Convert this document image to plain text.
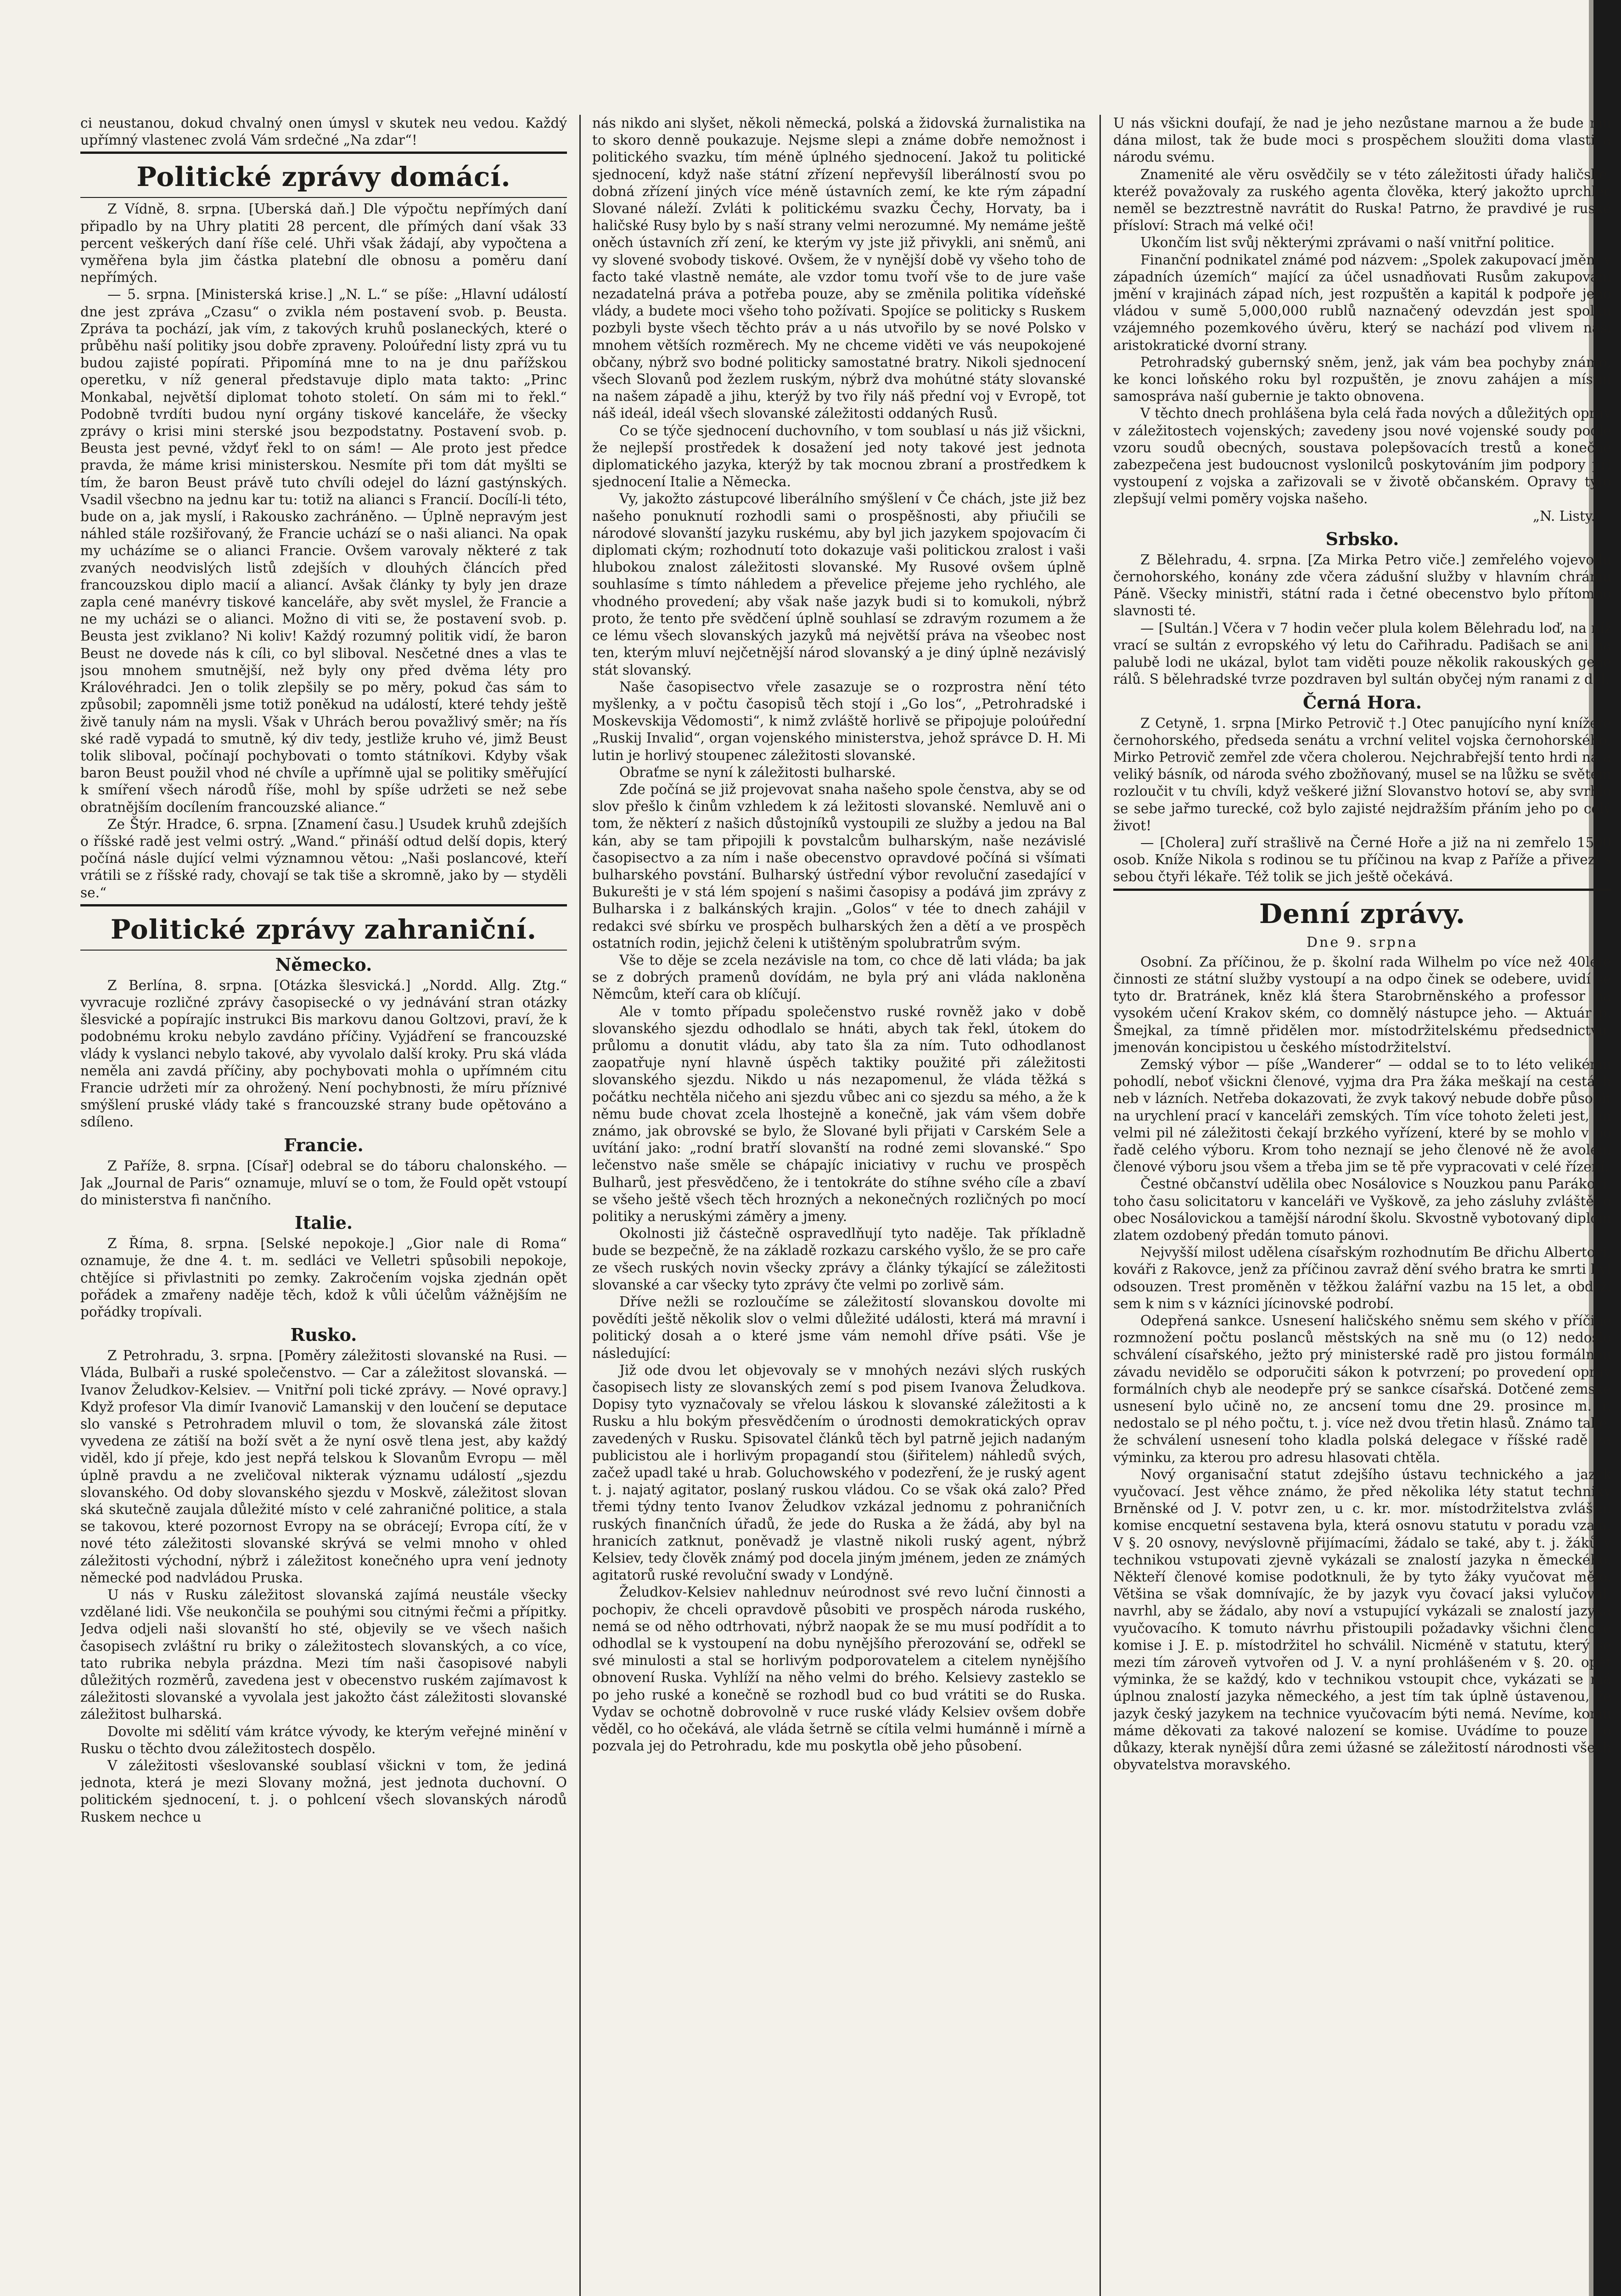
ci neustanou, dokud chvalný onen úmysl v skutek neu vedou. Každý upřímný vlastenec zvolá Vám srdečné „Na zdar“!

Politické zprávy domácí.

Z Vídně, 8. srpna. [Uberská daň.] Dle výpočtu nepřímých daní připadlo by na Uhry platiti 28 percent, dle přímých daní však 33 percent veškerých daní říše celé. Uhři však žádají, aby vypočtena a vyměřena byla jim částka platební dle obnosu a poměru daní nepřímých.

— 5. srpna. [Ministerská krise.] „N. L.“ se píše: „Hlavní událostí dne jest zpráva „Czasu“ o zvikla ném postavení svob. p. Beusta. Zpráva ta pochází, jak vím, z takových kruhů poslaneckých, které o průběhu naší politiky jsou dobře zpraveny. Poloúřední listy zprá vu tu budou zajisté popírati. Připomíná mne to na je dnu pařížskou operetku, v níž general představuje diplo mata takto: „Princ Monkabal, největší diplomat tohoto století. On sám mi to řekl.“ Podobně tvrdíti budou nyní orgány tiskové kanceláře, že všecky zprávy o krisi mini sterské jsou bezpodstatny. Postavení svob. p. Beusta jest pevné, vždyť řekl to on sám! — Ale proto jest předce pravda, že máme krisi ministerskou. Nesmíte při tom dát myšlti se tím, že baron Beust právě tuto chvíli odejel do lázní gastýnských. Vsadil všecbno na jednu kar tu: totiž na alianci s Francií. Docílí-li této, bude on a, jak myslí, i Rakousko zachráněno. — Úplně nepravým jest náhled stále rozšiřovaný, že Francie uchází se o naši alianci. Na opak my ucházíme se o alianci Francie. Ovšem varovaly některé z tak zvaných neodvislých listů zdejších v dlouhých článcích před francouzskou diplo macií a aliancí. Avšak články ty byly jen draze zapla cené manévry tiskové kanceláře, aby svět myslel, že Francie a ne my ucházi se o alianci. Možno di viti se, že postavení svob. p. Beusta jest zviklano? Ni koliv! Každý rozumný politik vidí, že baron Beust ne dovede nás k cíli, co byl sliboval. Nesčetné dnes a vlas te jsou mnohem smutnější, než byly ony před dvěma léty pro Královéhradci. Jen o tolik zlepšily se po měry, pokud čas sám to způsobil; zapomněli jsme totiž poněkud na událostí, které tehdy ještě živě tanuly nám na mysli. Však v Uhrách berou považlivý směr; na řís ské radě vypadá to smutně, ký div tedy, jestliže kruho vé, jimž Beust tolik sliboval, počínají pochybovati o tomto státníkovi. Kdyby však baron Beust použil vhod né chvíle a upřímně ujal se politiky směřující k smíření všech národů říše, mohl by spíše udržeti se než sebe obratnějším docílením francouzské aliance.“

Ze Štýr. Hradce, 6. srpna. [Znamení času.] Usudek kruhů zdejších o říšské radě jest velmi ostrý. „Wand.“ přináší odtud delší dopis, který počíná násle dující velmi významnou větou: „Naši poslancové, kteří vrátili se z říšské rady, chovají se tak tiše a skromně, jako by — styděli se.“

Politické zprávy zahraniční.
Německo.

Z Berlína, 8. srpna. [Otázka šlesvická.] „Nordd. Allg. Ztg.“ vyvracuje rozličné zprávy časopisecké o vy jednávání stran otázky šlesvické a popírajíc instrukci Bis markovu danou Goltzovi, praví, že k podobnému kroku nebylo zavdáno příčiny. Vyjádření se francouzské vlády k vyslanci nebylo takové, aby vyvolalo další kroky. Pru ská vláda neměla ani zavdá příčiny, aby pochybovati mohla o upřímném citu Francie udržeti mír za ohrožený. Není pochybnosti, že míru příznivé smýšlení pruské vlády také s francouzské strany bude opětováno a sdíleno.

Francie.

Z Paříže, 8. srpna. [Císař] odebral se do táboru chalonského. — Jak „Journal de Paris“ oznamuje, mluví se o tom, že Fould opět vstoupí do ministerstva fi nančního.

Italie.

Z Říma, 8. srpna. [Selské nepokoje.] „Gior nale di Roma“ oznamuje, že dne 4. t. m. sedláci ve Velletri spůsobili nepokoje, chtějíce si přivlastniti po zemky. Zakročením vojska zjednán opět pořádek a zmařeny naděje těch, kdož k vůli účelům vážnějším ne pořádky tropívali.

Rusko.

Z Petrohradu, 3. srpna. [Poměry záležitosti slovanské na Rusi. — Vláda, Bulbaři a ruské společenstvo. — Car a záležitost slovanská. — Ivanov Želudkov-Kelsiev. — Vnitřní poli tické zprávy. — Nové opravy.] Když profesor Vla dimír Ivanovič Lamanskij v den loučení se deputace slo vanské s Petrohradem mluvil o tom, že slovanská zále žitost vyvedena ze zátiší na boží svět a že nyní osvě tlena jest, aby každý viděl, kdo jí přeje, kdo jest nepřá telskou k Slovanům Evropu — měl úplně pravdu a ne zveličoval nikterak významu událostí „sjezdu slovanského. Od doby slovanského sjezdu v Moskvě, záležitost slovan ská skutečně zaujala důležité místo v celé zahraničné politice, a stala se takovou, které pozornost Evropy na se obrácejí; Evropa cítí, že v nové této záležitosti slovanské skrývá se velmi mnoho v ohled záležitosti východní, nýbrž i záležitost konečného upra vení jednoty německé pod nadvládou Pruska.

U nás v Rusku záležitost slovanská zajímá neustále všecky vzdělané lidi. Vše neukončila se pouhými sou citnými řečmi a přípitky. Jedva odjeli naši slovanští ho sté, objevily se ve všech našich časopisech zvláštní ru briky o záležitostech slovanských, a co více, tato rubrika nebyla prázdna. Mezi tím naši časopisové nabyli důležitých rozměrů, zavedena jest v obecenstvo ruském zajímavost k záležitosti slovanské a vyvolala jest jakožto část záležitosti slovanské záležitost bulharská.

Dovolte mi sdělití vám krátce vývody, ke kterým veřejné minění v Rusku o těchto dvou záležitostech dospělo.

V záležitosti všeslovanské soublasí všickni v tom, že jediná jednota, která je mezi Slovany možná, jest jednota duchovní. O politickém sjednocení, t. j. o pohlcení všech slovanských národů Ruskem nechce u

nás nikdo ani slyšet, několi německá, polská a židovská žurnalistika na to skoro denně poukazuje. Nejsme slepi a známe dobře nemožnost i politického svazku, tím méně úplného sjednocení. Jakož tu politické sjednocení, když naše státní zřízení nepřevyšíl liberálností svou po dobná zřízení jiných více méně ústavních zemí, ke kte rým západní Slované náleží. Zvláti k politickému svazku Čechy, Horvaty, ba i haličské Rusy bylo by s naší strany velmi nerozumné. My nemáme ještě oněch ústavních zří zení, ke kterým vy jste již přivykli, ani sněmů, ani vy slovené svobody tiskové. Ovšem, že v nynější době vy všeho toho de facto také vlastně nemáte, ale vzdor tomu tvoří vše to de jure vaše nezadatelná práva a potřeba pouze, aby se změnila politika vídeňské vlády, a budete moci všeho toho požívati. Spojíce se politicky s Ruskem pozbyli byste všech těchto práv a u nás utvořilo by se nové Polsko v mnohem větších rozměrech. My ne chceme viděti ve vás neupokojené občany, nýbrž svo bodné politicky samostatné bratry. Nikoli sjednocení všech Slovanů pod žezlem ruským, nýbrž dva mohútné státy slovanské na našem západě a jihu, kterýž by tvo řily náš přední voj v Evropě, tot náš ideál, ideál všech slovanské záležitosti oddaných Rusů.

Co se týče sjednocení duchovního, v tom soublasí u nás již všickni, že nejlepší prostředek k dosažení jed noty takové jest jednota diplomatického jazyka, kterýž by tak mocnou zbraní a prostředkem k sjednocení Italie a Německa.

Vy, jakožto zástupcové liberálního smýšlení v Če chách, jste již bez našeho ponuknutí rozhodli sami o prospěšnosti, aby přiučili se národové slovanští jazyku ruskému, aby byl jich jazykem spojovacím či diplomati ckým; rozhodnutí toto dokazuje vaši politickou zralost i vaši hlubokou znalost záležitosti slovanské. My Rusové ovšem úplně souhlasíme s tímto náhledem a převelice přejeme jeho rychlého, ale vhodného provedení; aby však naše jazyk budi si to komukoli, nýbrž proto, že tento pře svědčení úplně souhlasí se zdravým rozumem a že ce lému všech slovanských jazyků má největší práva na všeobec nost ten, kterým mluví nejčetnější národ slovanský a je diný úplně nezávislý stát slovanský.

Naše časopisectvo vřele zasazuje se o rozprostra nění této myšlenky, a v počtu časopisů těch stojí i „Go los“, „Petrohradské i Moskevskija Vědomosti“, k nimž zvláště horlivě se připojuje poloúřední „Ruskij Invalid“, organ vojenského ministerstva, jehož správce D. H. Mi lutin je horlivý stoupenec záležitosti slovanské.

Obraťme se nyní k záležitosti bulharské.

Zde počíná se již projevovat snaha našeho spole čenstva, aby se od slov přešlo k činům vzhledem k zá ležitosti slovanské. Nemluvě ani o tom, že některí z našich důstojníků vystoupili ze služby a jedou na Bal kán, aby se tam připojili k povstalcům bulharským, naše nezávislé časopisectvo a za ním i naše obecenstvo opravdové počíná si všímati bulharského povstání. Bulharský ústřední výbor revoluční zasedající v Bukurešti je v stá lém spojení s našimi časopisy a podává jim zprávy z Bulharska i z balkánských krajin. „Golos“ v tée to dnech zahájil v redakci své sbírku ve prospěch bulharských žen a dětí a ve prospěch ostatních rodin, jejichž čeleni k utištěným spolubratrům svým.

Vše to děje se zcela nezávisle na tom, co chce dě lati vláda; ba jak se z dobrých pramenů dovídám, ne byla prý ani vláda nakloněna Němcům, kteří cara ob klíčují.

Ale v tomto případu společenstvo ruské rovněž jako v době slovanského sjezdu odhodlalo se hnáti, abych tak řekl, útokem do průlomu a donutit vládu, aby tato šla za ním. Tuto odhodlanost zaopatřuje nyní hlavně úspěch taktiky použité při záležitosti slovanského sjezdu. Nikdo u nás nezapomenul, že vláda těžká s počátku nechtěla ničeho ani sjezdu vůbec ani co sjezdu sa mého, a že k němu bude chovat zcela lhostejně a konečně, jak vám všem dobře známo, jak obrovské se bylo, že Slované byli přijati v Carském Sele a uvítání jako: „rodní bratří slovanští na rodné zemi slovanské.“ Spo lečenstvo naše směle se chápajíc iniciativy v ruchu ve prospěch Bulharů, jest přesvědčeno, že i tentokráte do stíhne svého cíle a zbaví se všeho ještě všech těch hrozných a nekonečných rozličných po mocí politiky a neruskými záměry a jmeny.

Okolnosti již částečně ospravedlňují tyto naděje. Tak příkladně bude se bezpečně, že na základě rozkazu carského vyšlo, že se pro caře ze všech ruských novin všecky zprávy a články týkající se záležitosti slovanské a car všecky tyto zprávy čte velmi po zorlivě sám.

Dříve nežli se rozloučíme se záležitostí slovanskou dovolte mi povědíti ještě několik slov o velmi důležité události, která má mravní i politický dosah a o které jsme vám nemohl dříve psáti. Vše je následující:

Již ode dvou let objevovaly se v mnohých nezávi slých ruských časopisech listy ze slovanských zemí s pod pisem Ivanova Želudkova. Dopisy tyto vyznačovaly se vřelou láskou k slovanské záležitosti a k Rusku a hlu bokým přesvědčením o úrodnosti demokratických oprav zavedených v Rusku. Spisovatel článků těch byl patrně jejich nadaným publicistou ale i horlivým propagandí stou (šiřitelem) náhledů svých, začež upadl také u hrab. Goluchowského v podezření, že je ruský agent t. j. najatý agitator, poslaný ruskou vládou. Co se však oká zalo? Před třemi týdny tento Ivanov Želudkov vzkázal jednomu z pohraničních ruských finančních úřadů, že jede do Ruska a že žádá, aby byl na hranicích zatknut, poněvadž je vlastně nikoli ruský agent, nýbrž Kelsiev, tedy člověk známý pod docela jiným jménem, jeden ze známých agitatorů ruské revoluční swady v Londýně.

Želudkov-Kelsiev nahlednuv neúrodnost své revo luční činnosti a pochopiv, že chceli opravdově působiti ve prospěch národa ruského, nemá se od něho odtrhovati, nýbrž naopak že se mu musí podřídit a to odhodlal se k vystoupení na dobu nynějšího přerozování se, odřekl se své minulosti a stal se horlivým podporovatelem a citelem nynějšího obnovení Ruska. Vyhlíží na něho velmi do brého. Kelsievy zasteklo se po jeho ruské a konečně se rozhodl bud co bud vrátiti se do Ruska. Vydav se ochotně dobrovolně v ruce ruské vlády Kelsiev ovšem dobře věděl, co ho očekává, ale vláda šetrně se cítila velmi humánně i mírně a pozvala jej do Petrohradu, kde mu poskytla obě jeho působení.

U nás všickni doufají, že nad je jeho nezůstane marnou a že bude mu dána milost, tak že bude moci s prospěchem sloužiti doma vlasti a národu svému.

Znamenité ale věru osvědčily se v této záležitosti úřady haličské, kteréž považovaly za ruského agenta člověka, který jakožto uprchlec neměl se bezztrestně navrátit do Ruska! Patrno, že pravdivé je ruské přísloví: Strach má velké oči!

Ukončím list svůj některými zprávami o naší vnitřní politice.

Finanční podnikatel známé pod názvem: „Spolek zakupovací jmění v západních územích“ mající za účel usnadňovati Rusům zakupování jmění v krajinách západ ních, jest rozpuštěn a kapitál k podpoře jeho vládou v sumě 5,000,000 rublů naznačený odevzdán jest spolku vzájemného pozemkového úvěru, který se nachází pod vlivem naší aristokratické dvorní strany.

Petrohradský gubernský sněm, jenž, jak vám bea pochyby známo, ke konci loňského roku byl rozpuštěn, je znovu zahájen a místní samospráva naší gubernie je takto obnovena.

V těchto dnech prohlášena byla celá řada nových a důležitých oprav v záležitostech vojenských; zavedeny jsou nové vojenské soudy podle vzoru soudů obecných, soustava polepšovacích trestů a konečně zabezpečena jest budoucnost vyslonilců poskytováním jim podpory při vystoupení z vojska a zařizovali se v životě občanském. Opravy tyto zlepšují velmi poměry vojska našeho.

„N. Listy.“

Srbsko.

Z Bělehradu, 4. srpna. [Za Mirka Petro viče.] zemřelého vojevodu černohorského, konány zde včera zádušní služby v hlavním chrámu Páně. Všecky ministři, státní rada i četné obecenstvo bylo přítomno slavnosti té.

— [Sultán.] Včera v 7 hodin večer plula kolem Bělehradu loď, na níž vrací se sultán z evropského vý letu do Cařihradu. Padišach se ani na palubě lodi ne ukázal, bylot tam viděti pouze několik rakouských gene rálů. S bělehradské tvrze pozdraven byl sultán obyčej ným ranami z děl.

Černá Hora.

Z Cetyně, 1. srpna [Mirko Petrovič †.] Otec panujícího nyní knížete černohorského, předseda senátu a vrchní velitel vojska černohorského, Mirko Petrovič zemřel zde včera cholerou. Nejchrabřejší tento hrdi na a veliký básník, od národa svého zbožňovaný, musel se na lůžku se světem rozloučit v tu chvíli, když veškeré jižní Slovanstvo hotoví se, aby svrhlo se sebe jařmo turecké, což bylo zajisté nejdražším přáním jeho po celý život!

— [Cholera] zuří strašlivě na Černé Hoře a již na ni zemřelo 1500 osob. Kníže Nikola s rodinou se tu příčinou na kvap z Paříže a přivezl s sebou čtyři lékaře. Též tolik se jich ještě očekává.

Denní zprávy.
Dne 9. srpna

Osobní. Za příčinou, že p. školní rada Wilhelm po více než 40leté činnosti ze státní služby vystoupí a na odpo činek se odebere, uvidí se tyto dr. Bratránek, kněz klá štera Starobrněnského a professor na vysokém učení Krakov ském, co domnělý nástupce jeho. — Aktuár p. Šmejkal, za tímně přidělen mor. místodržitelskému předsednictvu, jmenován koncipistou u českého místodržitelství.

Zemský výbor — píše „Wanderer“ — oddal se to to léto velikému pohodlí, neboť všickni členové, vyjma dra Pra žáka meškají na cestách neb v lázních. Netřeba dokazovati, že zvyk takový nebude dobře působit na urychlení prací v kanceláři zemských. Tím více tohoto želeti jest, an velmi pil né záležitosti čekají brzkého vyřízení, které by se mohlo v po řadě celého výboru. Krom toho neznají se jeho členové ně že avolení členové výboru jsou všem a třeba jim se tě pře vypracovati v celé řízení.

Čestné občanství udělila obec Nosálovice s Nouzkou panu Parákovi, toho času solicitatoru v kanceláři ve Vyškově, za jeho zásluhy zvláště, o obec Nosálovickou a tamější národní školu. Skvostně vybotovaný diplom zlatem ozdobený předán tomuto pánovi.

Nejvyšší milost udělena císařským rozhodnutím Be dřichu Albertovi, kováři z Rakovce, jenž za příčinou zavraž dění svého bratra ke smrti byl odsouzen. Trest proměněn v těžkou žalářní vazbu na 15 let, a obdrží sem k nim s v kázníci jícinovské podrobí.

Odepřená sankce. Usnesení haličského sněmu sem ského v příčině rozmnožení počtu poslanců městských na sně mu (o 12) nedošlo schválení císařského, ježto prý ministerské radě pro jistou formálnou závadu nevidělo se odporučiti sákon k potvrzení; po provedení oprav formálních chyb ale neodepře prý se sankce císařská. Dotčené zemské usnesení bylo učině no, ze ancsení tomu dne 29. prosince m. r. nedostalo se pl ného počtu, t. j. více než dvou třetin hlasů. Známo také, že schválení usnesení toho kladla polská delegace v říšské radě za výminku, za kterou pro adresu hlasovati chtěla.

Nový organisační statut zdejšího ústavu technického a jazyk vyučovací. Jest věhce známo, že před několika léty statut techniky Brněnské od J. V. potvr zen, u c. kr. mor. místodržitelstva zvláštní komise encquetní sestavena byla, která osnovu statutu v poradu vzala. V §. 20 osnovy, nevýslovně přijímacími, žádalo se také, aby t. j. žáků v technikou vstupovati zjevně vykázali se znalostí jazyka n ěmeckého. Někteří členové komise podotknuli, že by tyto žáky vyučovat mělo. Většina se však domnívajíc, že by jazyk vyu čovací jaksi vylučoval, navrhl, aby se žádalo, aby noví a vstupující vykázali se znalostí jazyka vyučovacího. K tomuto návrhu přistoupili požadavky všichni členové komise i J. E. p. místodržitel ho schválil. Nicméně v statutu, který se mezi tím zároveň vytvořen od J. V. a nyní prohlášeném v §. 20. opět výminka, že se každý, kdo v technikou vstoupit chce, vykázati se má úplnou znalostí jazyka německého, a jest tím tak úplně ústavenou, že jazyk český jazykem na technice vyučovacím býti nemá. Nevíme, komu máme děkovati za takové nalození se komise. Uvádíme to pouze co důkazy, kterak nynější důra zemi úžasné se záležitostí národnosti všech obyvatelstva moravského.
